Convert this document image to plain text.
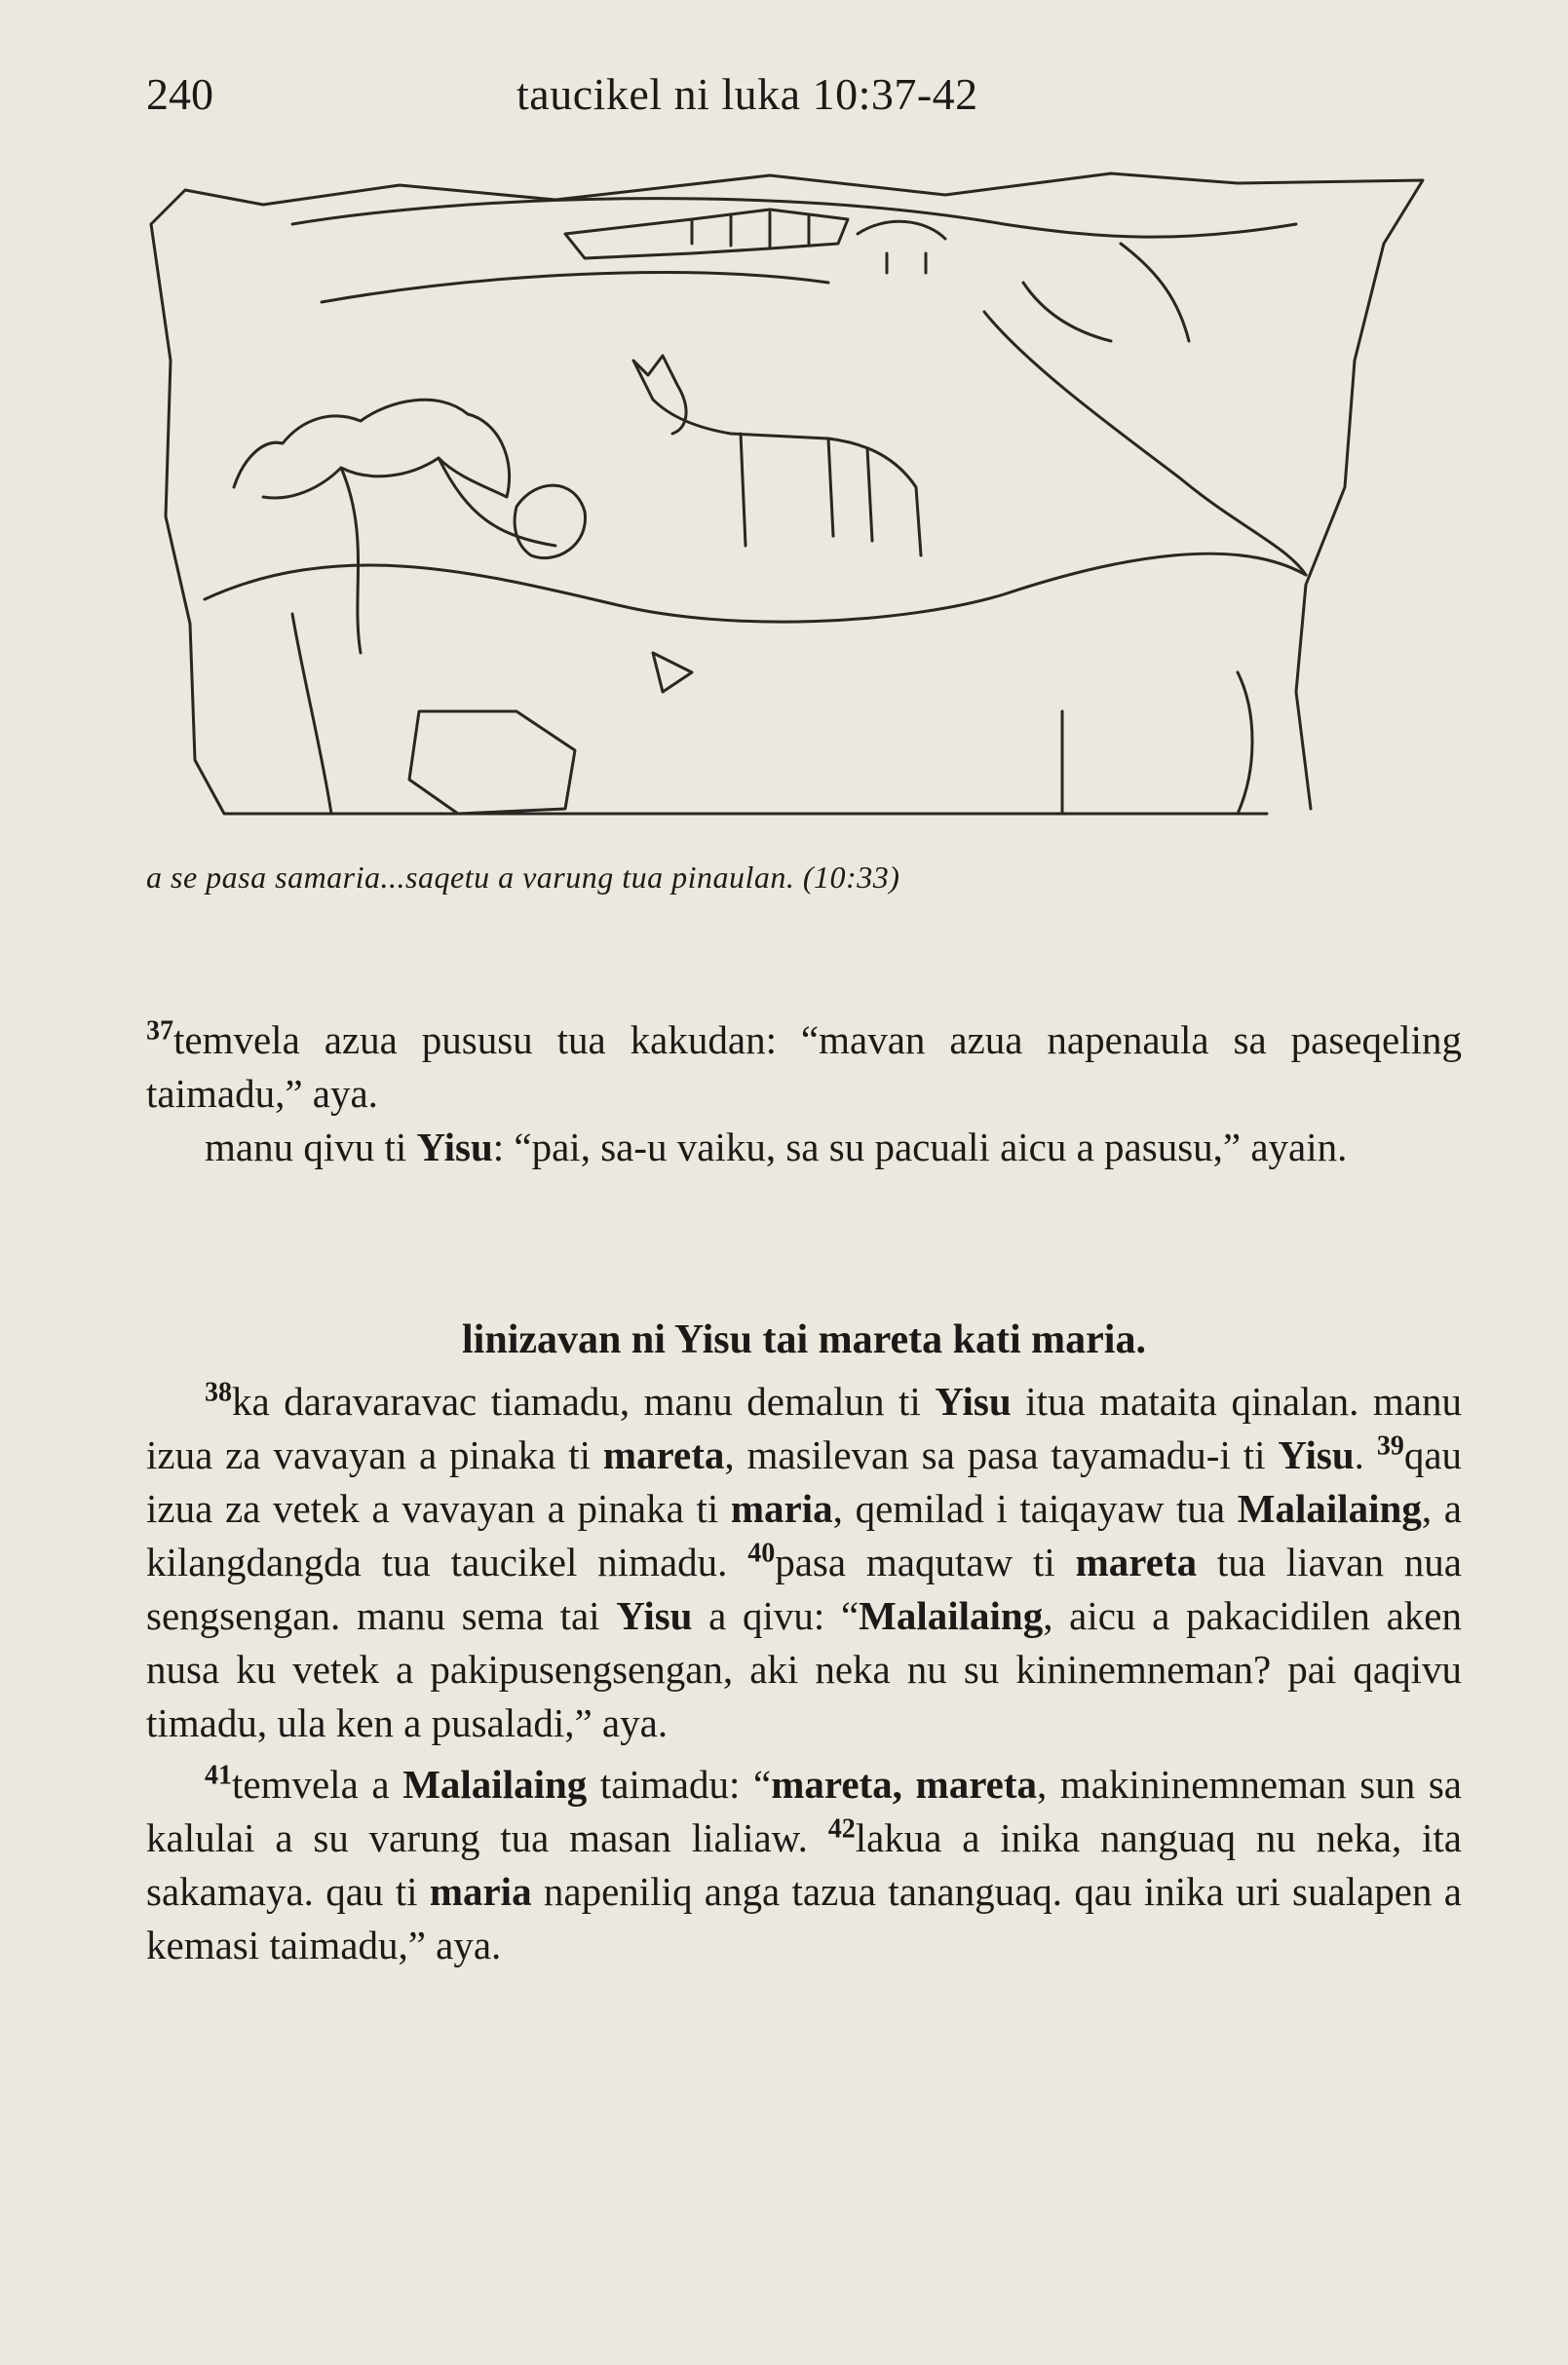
240	taucikel ni luka 10:37-42
a se pasa samaria...saqetu a varung tua pinaulan. (10:33)

$^{37}$temvela azua pususu tua kakudan: “mavan azua napenaula sa paseqeling taimadu,” aya.

manu qivu ti Yisu: “pai, sa-u vaiku, sa su pacuali aicu a pasusu,” ayain.

linizavan ni Yisu tai mareta kati maria.

$^{38}$ka daravaravac tiamadu, manu demalun ti Yisu itua mataita qinalan. manu izua za vavayan a pinaka ti mareta, masilevan sa pasa tayamadu-i ti Yisu. $^{39}$qau izua za vetek a vavayan a pinaka ti maria, qemilad i taiqayaw tua Malailaing, a kilangdangda tua taucikel nimadu. $^{40}$pasa maqutaw ti mareta tua liavan nua sengsengan. manu sema tai Yisu a qivu: “Malailaing, aicu a pakacidilen aken nusa ku vetek a pakipusengsengan, aki neka nu su kininemneman? pai qaqivu timadu, ula ken a pusaladi,” aya.

$^{41}$temvela a Malailaing taimadu: “mareta, mareta, makininemneman sun sa kalulai a su varung tua masan lialiaw. $^{42}$lakua a inika nanguaq nu neka, ita sakamaya. qau ti maria napeniliq anga tazua tananguaq. qau inika uri sualapen a kemasi taimadu,” aya.
